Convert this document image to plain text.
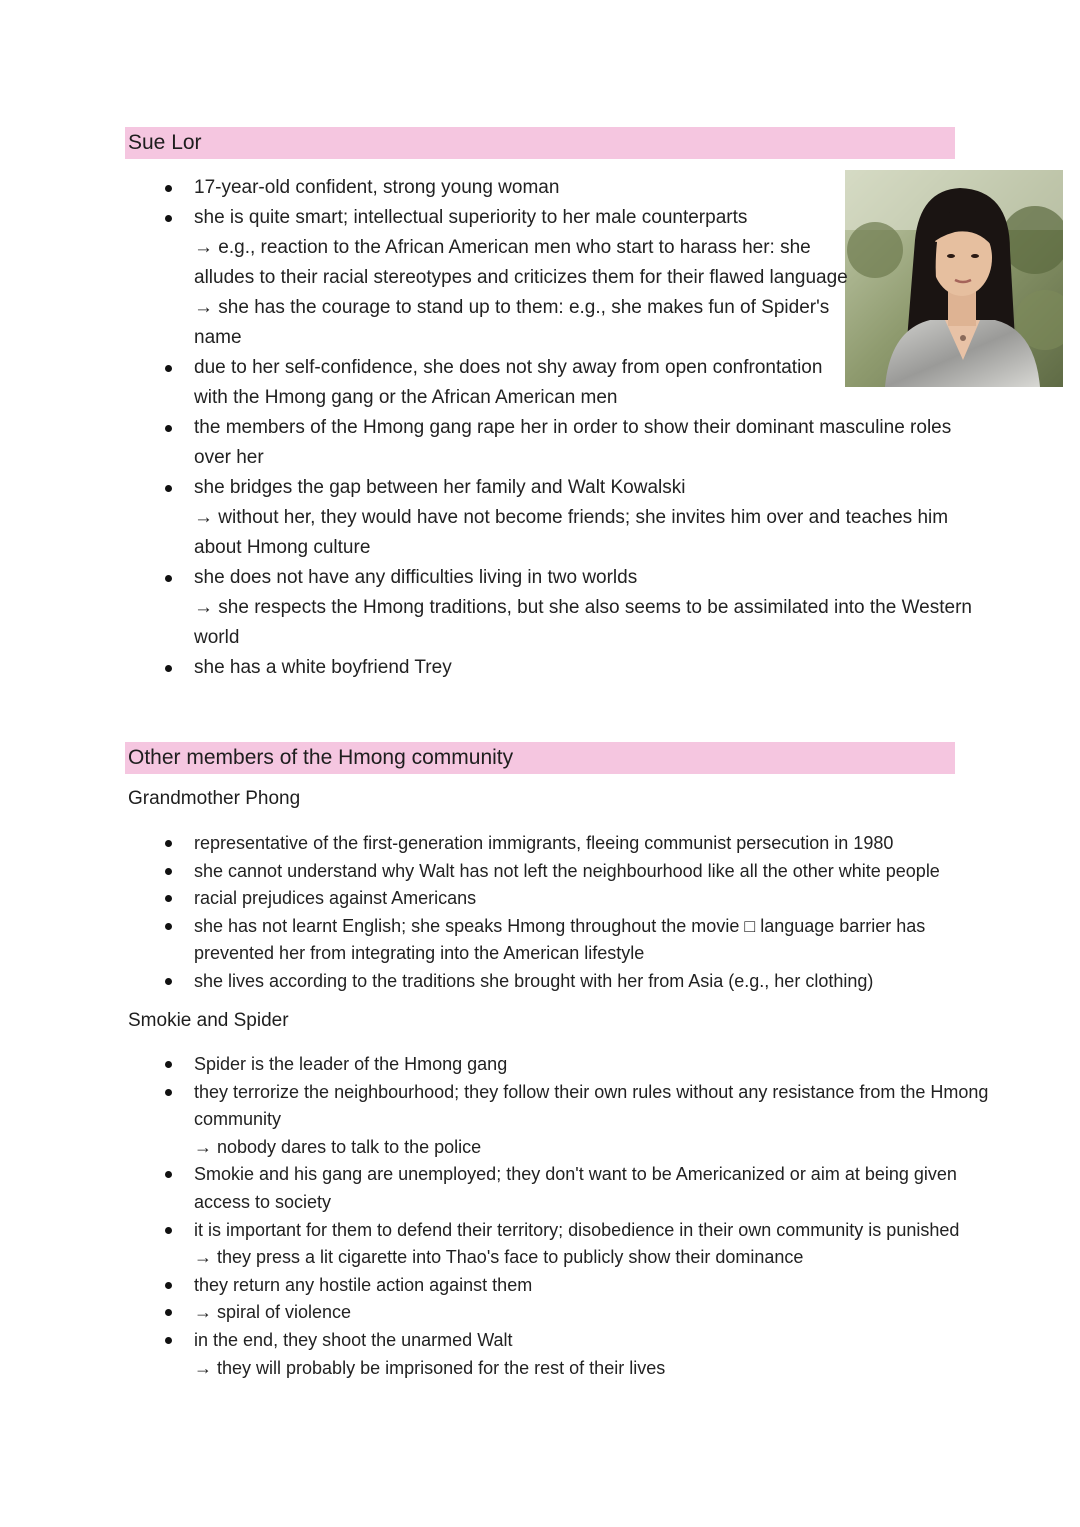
Sue Lor
17-year-old confident, strong young woman
she is quite smart; intellectual superiority to her male counterparts
→ e.g., reaction to the African American men who start to harass her: she
alludes to their racial stereotypes and criticizes them for their flawed language
→ she has the courage to stand up to them: e.g., she makes fun of Spider's
name
due to her self-confidence, she does not shy away from open confrontation
with the Hmong gang or the African American men
the members of the Hmong gang rape her in order to show their dominant masculine roles
over her
she bridges the gap between her family and Walt Kowalski
→ without her, they would have not become friends; she invites him over and teaches him
about Hmong culture
she does not have any difficulties living in two worlds
→ she respects the Hmong traditions, but she also seems to be assimilated into the Western
world
she has a white boyfriend Trey
Other members of the Hmong community
Grandmother Phong
representative of the first-generation immigrants, fleeing communist persecution in 1980
she cannot understand why Walt has not left the neighbourhood like all the other white people
racial prejudices against Americans
she has not learnt English; she speaks Hmong throughout the movie □ language barrier has
prevented her from integrating into the American lifestyle
she lives according to the traditions she brought with her from Asia (e.g., her clothing)
Smokie and Spider
Spider is the leader of the Hmong gang
they terrorize the neighbourhood; they follow their own rules without any resistance from the Hmong
community
→ nobody dares to talk to the police
Smokie and his gang are unemployed; they don't want to be Americanized or aim at being given
access to society
it is important for them to defend their territory; disobedience in their own community is punished
→ they press a lit cigarette into Thao's face to publicly show their dominance
they return any hostile action against them
→ spiral of violence
in the end, they shoot the unarmed Walt
→ they will probably be imprisoned for the rest of their lives
